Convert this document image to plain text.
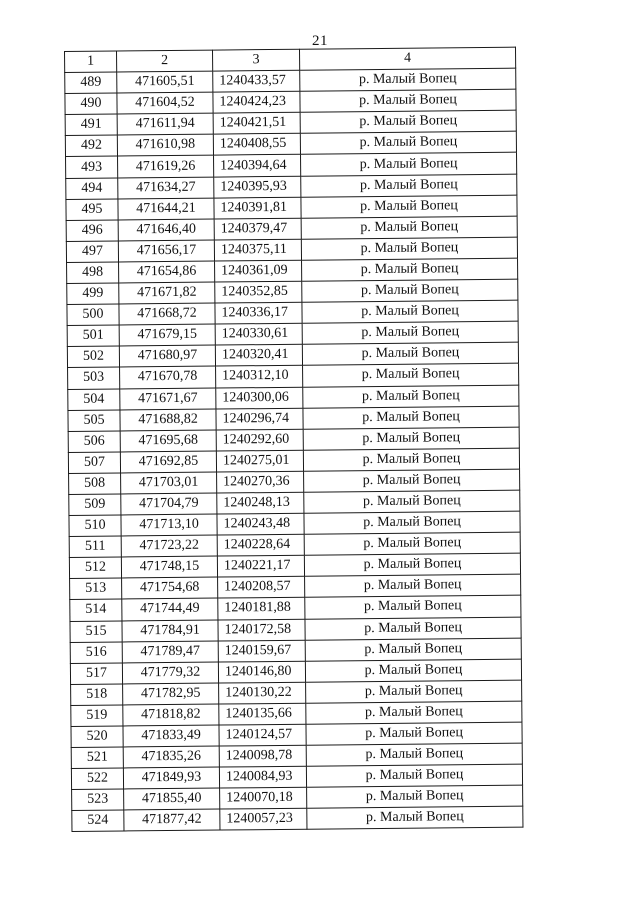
21
1	2	3	4
489	471605,51	1240433,57	р. Малый Вопец
490	471604,52	1240424,23	р. Малый Вопец
491	471611,94	1240421,51	р. Малый Вопец
492	471610,98	1240408,55	р. Малый Вопец
493	471619,26	1240394,64	р. Малый Вопец
494	471634,27	1240395,93	р. Малый Вопец
495	471644,21	1240391,81	р. Малый Вопец
496	471646,40	1240379,47	р. Малый Вопец
497	471656,17	1240375,11	р. Малый Вопец
498	471654,86	1240361,09	р. Малый Вопец
499	471671,82	1240352,85	р. Малый Вопец
500	471668,72	1240336,17	р. Малый Вопец
501	471679,15	1240330,61	р. Малый Вопец
502	471680,97	1240320,41	р. Малый Вопец
503	471670,78	1240312,10	р. Малый Вопец
504	471671,67	1240300,06	р. Малый Вопец
505	471688,82	1240296,74	р. Малый Вопец
506	471695,68	1240292,60	р. Малый Вопец
507	471692,85	1240275,01	р. Малый Вопец
508	471703,01	1240270,36	р. Малый Вопец
509	471704,79	1240248,13	р. Малый Вопец
510	471713,10	1240243,48	р. Малый Вопец
511	471723,22	1240228,64	р. Малый Вопец
512	471748,15	1240221,17	р. Малый Вопец
513	471754,68	1240208,57	р. Малый Вопец
514	471744,49	1240181,88	р. Малый Вопец
515	471784,91	1240172,58	р. Малый Вопец
516	471789,47	1240159,67	р. Малый Вопец
517	471779,32	1240146,80	р. Малый Вопец
518	471782,95	1240130,22	р. Малый Вопец
519	471818,82	1240135,66	р. Малый Вопец
520	471833,49	1240124,57	р. Малый Вопец
521	471835,26	1240098,78	р. Малый Вопец
522	471849,93	1240084,93	р. Малый Вопец
523	471855,40	1240070,18	р. Малый Вопец
524	471877,42	1240057,23	р. Малый Вопец
